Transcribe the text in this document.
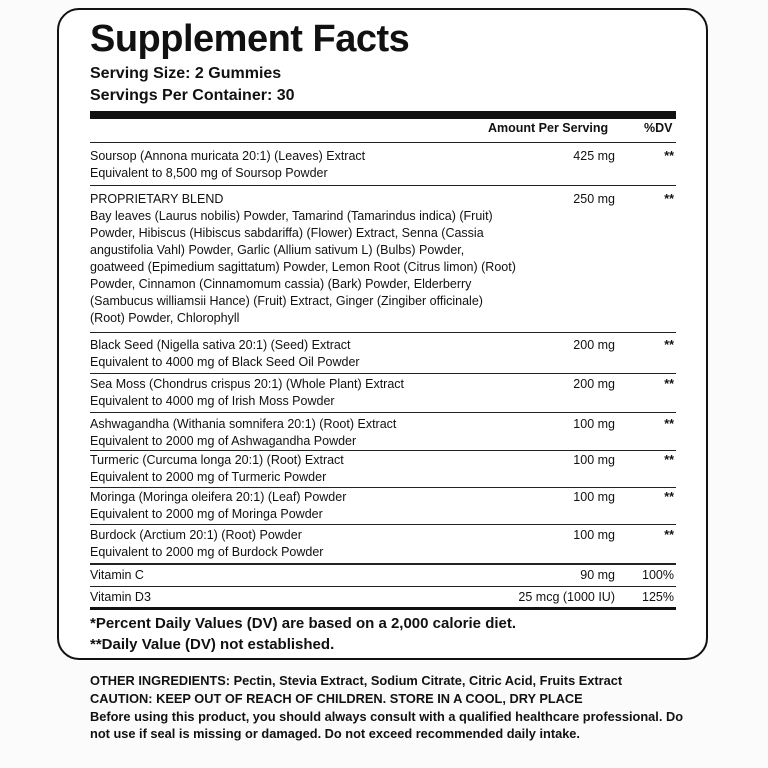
Supplement Facts
Serving Size: 2 Gummies
Servings Per Container: 30
Amount Per Serving	%DV
Soursop (Annona muricata 20:1) (Leaves) Extract
Equivalent to 8,500 mg of Soursop Powder
425 mg	**
PROPRIETARY BLEND
Bay leaves (Laurus nobilis) Powder, Tamarind (Tamarindus indica) (Fruit) Powder, Hibiscus (Hibiscus sabdariffa) (Flower) Extract, Senna (Cassia angustifolia Vahl) Powder, Garlic (Allium sativum L) (Bulbs) Powder, goatweed (Epimedium sagittatum) Powder, Lemon Root (Citrus limon) (Root) Powder, Cinnamon (Cinnamomum cassia) (Bark) Powder, Elderberry (Sambucus williamsii Hance) (Fruit) Extract, Ginger (Zingiber officinale) (Root) Powder, Chlorophyll
250 mg	**
Black Seed (Nigella sativa 20:1) (Seed) Extract
Equivalent to 4000 mg of Black Seed Oil Powder
200 mg	**
Sea Moss (Chondrus crispus 20:1) (Whole Plant) Extract
Equivalent to 4000 mg of Irish Moss Powder
200 mg	**
Ashwagandha (Withania somnifera 20:1) (Root) Extract
Equivalent to 2000 mg of Ashwagandha Powder
100 mg	**
Turmeric (Curcuma longa 20:1) (Root) Extract
Equivalent to 2000 mg of Turmeric Powder
100 mg	**
Moringa (Moringa oleifera 20:1) (Leaf) Powder
Equivalent to 2000 mg of Moringa Powder
100 mg	**
Burdock (Arctium 20:1) (Root) Powder
Equivalent to 2000 mg of Burdock Powder
100 mg	**
Vitamin C	90 mg 100%
Vitamin D3	25 mcg (1000 IU) 125%
*Percent Daily Values (DV) are based on a 2,000 calorie diet.
**Daily Value (DV) not established.
OTHER INGREDIENTS: Pectin, Stevia Extract, Sodium Citrate, Citric Acid, Fruits Extract
CAUTION: KEEP OUT OF REACH OF CHILDREN. STORE IN A COOL, DRY PLACE
Before using this product, you should always consult with a qualified healthcare professional. Do not use if seal is missing or damaged. Do not exceed recommended daily intake.
